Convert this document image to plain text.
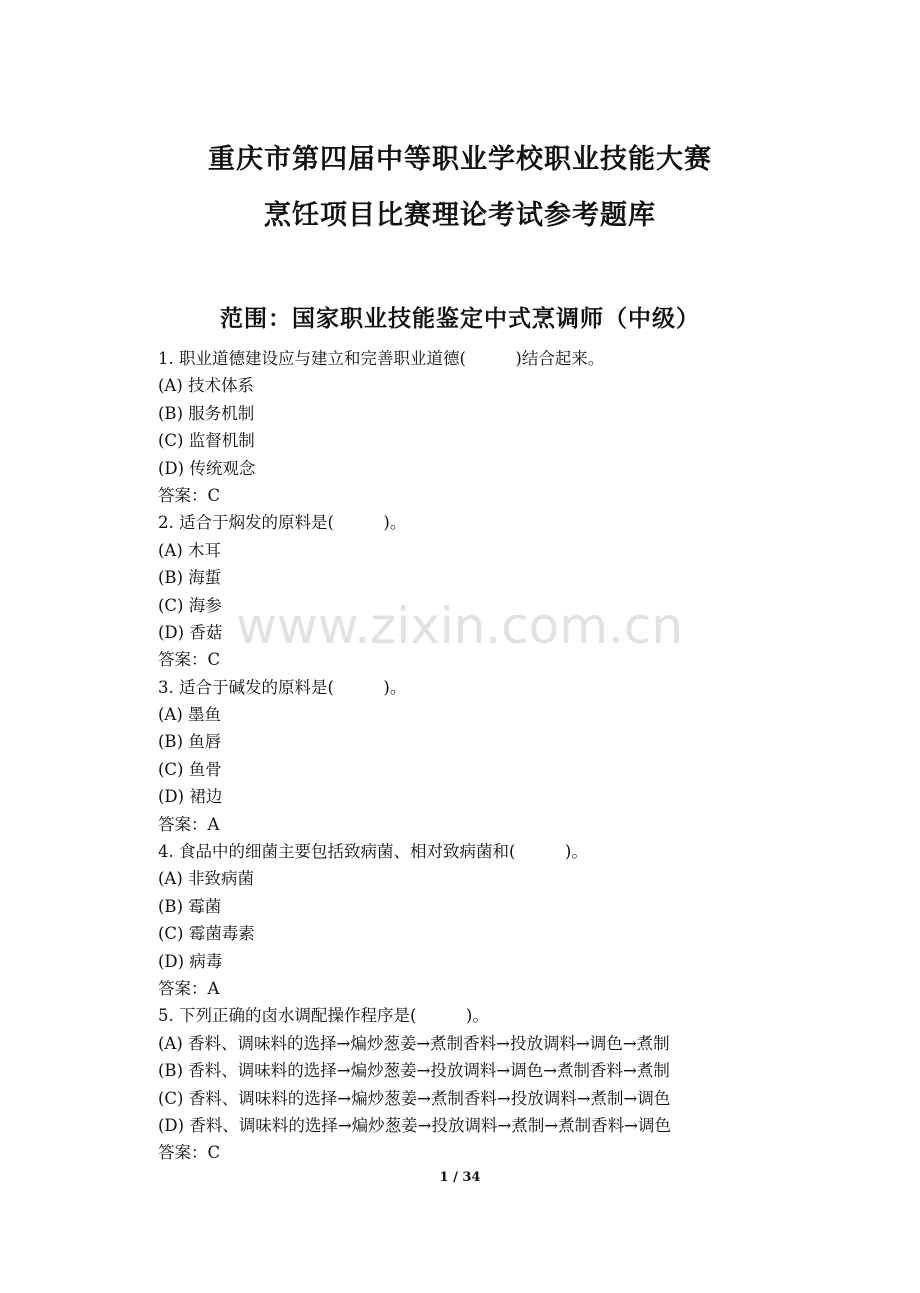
重庆市第四届中等职业学校职业技能大赛
烹饪项目比赛理论考试参考题库
范围：国家职业技能鉴定中式烹调师（中级）
1. 职业道德建设应与建立和完善职业道德(　　　)结合起来。
(A) 技术体系
(B) 服务机制
(C) 监督机制
(D) 传统观念
答案：C
2. 适合于焖发的原料是(　　　)。
(A) 木耳
(B) 海蜇
(C) 海参
(D) 香菇
答案：C
3. 适合于碱发的原料是(　　　)。
(A) 墨鱼
(B) 鱼唇
(C) 鱼骨
(D) 裙边
答案：A
4. 食品中的细菌主要包括致病菌、相对致病菌和(　　　)。
(A) 非致病菌
(B) 霉菌
(C) 霉菌毒素
(D) 病毒
答案：A
5. 下列正确的卤水调配操作程序是(　　　)。
(A) 香料、调味料的选择→煸炒葱姜→煮制香料→投放调料→调色→煮制
(B) 香料、调味料的选择→煸炒葱姜→投放调料→调色→煮制香料→煮制
(C) 香料、调味料的选择→煸炒葱姜→煮制香料→投放调料→煮制→调色
(D) 香料、调味料的选择→煸炒葱姜→投放调料→煮制→煮制香料→调色
答案：C
www.zixin.com.cn
1 / 34
